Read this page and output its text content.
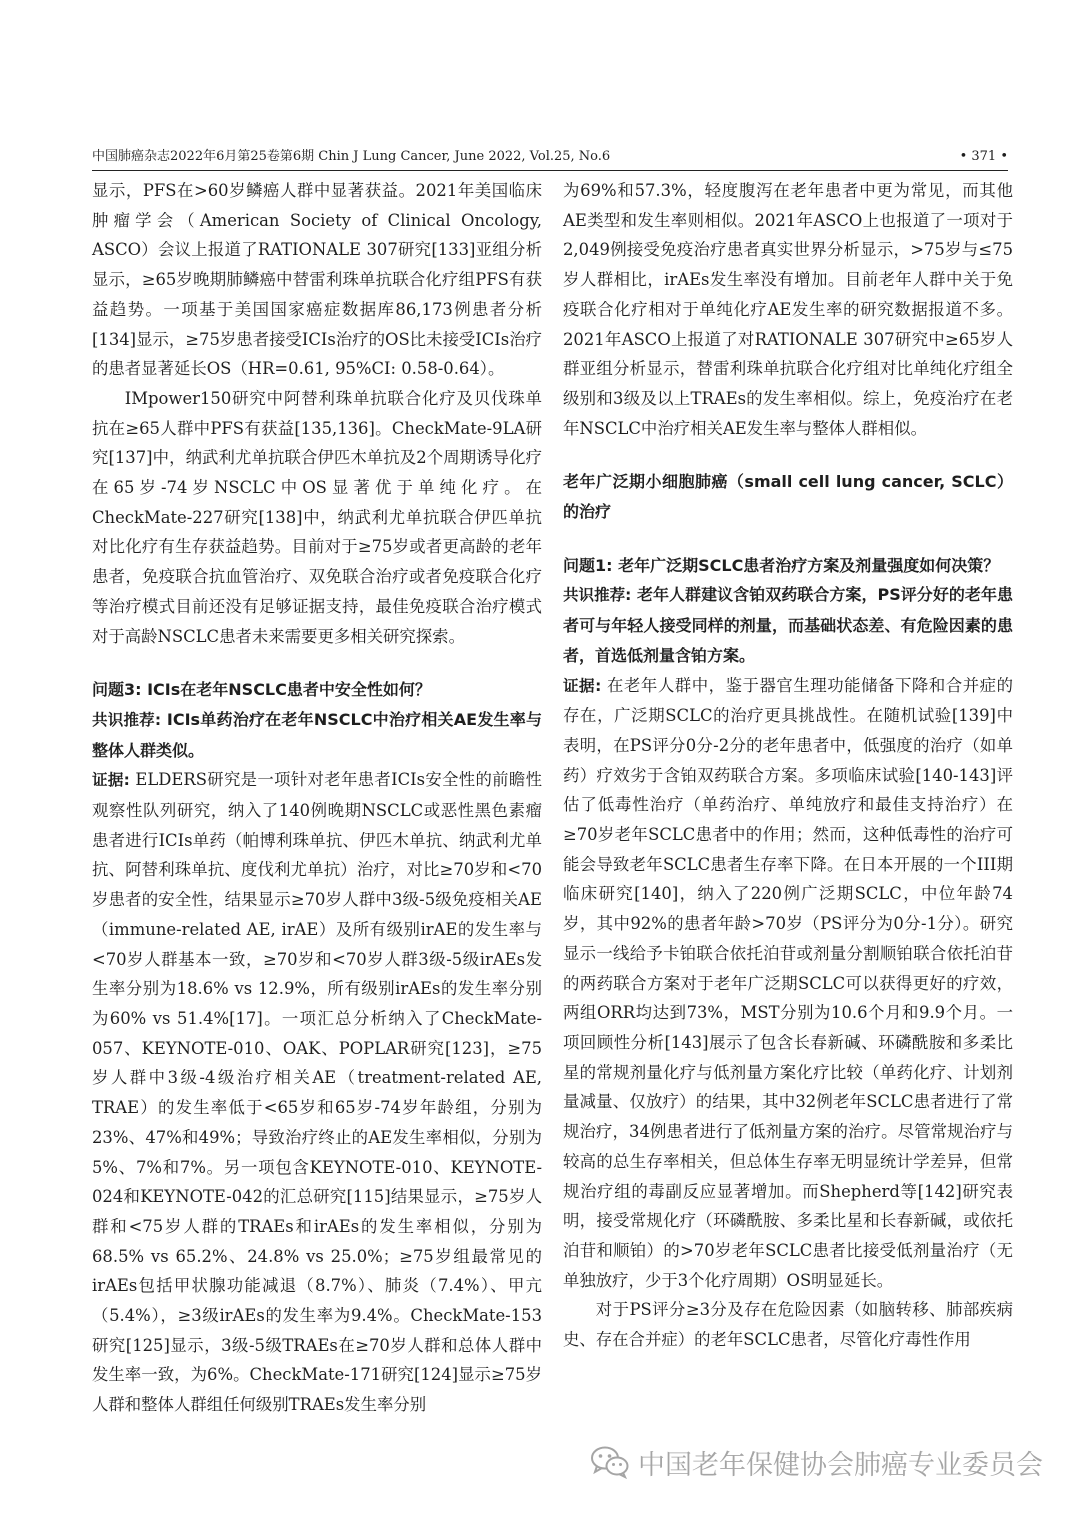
中国肺癌杂志2022年6月第25卷第6期 Chin J Lung Cancer, June 2022, Vol.25, No.6	• 371 •

显示，PFS在>60岁鳞癌人群中显著获益。2021年美国临床肿瘤学会（American Society of Clinical Oncology, ASCO）会议上报道了RATIONALE 307研究[133]亚组分析显示，≥65岁晚期肺鳞癌中替雷利珠单抗联合化疗组PFS有获益趋势。一项基于美国国家癌症数据库86,173例患者分析[134]显示，≥75岁患者接受ICIs治疗的OS比未接受ICIs治疗的患者显著延长OS（HR=0.61, 95%CI: 0.58-0.64）。

IMpower150研究中阿替利珠单抗联合化疗及贝伐珠单抗在≥65人群中PFS有获益[135,136]。CheckMate-9LA研究[137]中，纳武利尤单抗联合伊匹木单抗及2个周期诱导化疗在65岁-74岁NSCLC中OS显著优于单纯化疗。在CheckMate-227研究[138]中，纳武利尤单抗联合伊匹单抗对比化疗有生存获益趋势。目前对于≥75岁或者更高龄的老年患者，免疫联合抗血管治疗、双免联合治疗或者免疫联合化疗等治疗模式目前还没有足够证据支持，最佳免疫联合治疗模式对于高龄NSCLC患者未来需要更多相关研究探索。

问题3: ICIs在老年NSCLC患者中安全性如何？

共识推荐: ICIs单药治疗在老年NSCLC中治疗相关AE发生率与整体人群类似。

证据: ELDERS研究是一项针对老年患者ICIs安全性的前瞻性观察性队列研究，纳入了140例晚期NSCLC或恶性黑色素瘤患者进行ICIs单药（帕博利珠单抗、伊匹木单抗、纳武利尤单抗、阿替利珠单抗、度伐利尤单抗）治疗，对比≥70岁和<70岁患者的安全性，结果显示≥70岁人群中3级-5级免疫相关AE（immune-related AE, irAE）及所有级别irAE的发生率与<70岁人群基本一致，≥70岁和<70岁人群3级-5级irAEs发生率分别为18.6% vs 12.9%，所有级别irAEs的发生率分别为60% vs 51.4%[17]。一项汇总分析纳入了CheckMate-057、KEYNOTE-010、OAK、POPLAR研究[123]，≥75岁人群中3级-4级治疗相关AE（treatment-related AE, TRAE）的发生率低于<65岁和65岁-74岁年龄组，分别为23%、47%和49%；导致治疗终止的AE发生率相似，分别为5%、7%和7%。另一项包含KEYNOTE-010、KEYNOTE-024和KEYNOTE-042的汇总研究[115]结果显示，≥75岁人群和<75岁人群的TRAEs和irAEs的发生率相似，分别为68.5% vs 65.2%、24.8% vs 25.0%；≥75岁组最常见的irAEs包括甲状腺功能减退（8.7%）、肺炎（7.4%）、甲亢（5.4%），≥3级irAEs的发生率为9.4%。CheckMate-153研究[125]显示，3级-5级TRAEs在≥70岁人群和总体人群中发生率一致，为6%。CheckMate-171研究[124]显示≥75岁人群和整体人群组任何级别TRAEs发生率分别

为69%和57.3%，轻度腹泻在老年患者中更为常见，而其他AE类型和发生率则相似。2021年ASCO上也报道了一项对于2,049例接受免疫治疗患者真实世界分析显示，>75岁与≤75岁人群相比，irAEs发生率没有增加。目前老年人群中关于免疫联合化疗相对于单纯化疗AE发生率的研究数据报道不多。2021年ASCO上报道了对RATIONALE 307研究中≥65岁人群亚组分析显示，替雷利珠单抗联合化疗组对比单纯化疗组全级别和3级及以上TRAEs的发生率相似。综上，免疫治疗在老年NSCLC中治疗相关AE发生率与整体人群相似。

老年广泛期小细胞肺癌（small cell lung cancer, SCLC）的治疗

问题1: 老年广泛期SCLC患者治疗方案及剂量强度如何决策？

共识推荐: 老年人群建议含铂双药联合方案，PS评分好的老年患者可与年轻人接受同样的剂量，而基础状态差、有危险因素的患者，首选低剂量含铂方案。

证据: 在老年人群中，鉴于器官生理功能储备下降和合并症的存在，广泛期SCLC的治疗更具挑战性。在随机试验[139]中表明，在PS评分0分-2分的老年患者中，低强度的治疗（如单药）疗效劣于含铂双药联合方案。多项临床试验[140-143]评估了低毒性治疗（单药治疗、单纯放疗和最佳支持治疗）在≥70岁老年SCLC患者中的作用；然而，这种低毒性的治疗可能会导致老年SCLC患者生存率下降。在日本开展的一个III期临床研究[140]，纳入了220例广泛期SCLC，中位年龄74岁，其中92%的患者年龄>70岁（PS评分为0分-1分）。研究显示一线给予卡铂联合依托泊苷或剂量分割顺铂联合依托泊苷的两药联合方案对于老年广泛期SCLC可以获得更好的疗效，两组ORR均达到73%，MST分别为10.6个月和9.9个月。一项回顾性分析[143]展示了包含长春新碱、环磷酰胺和多柔比星的常规剂量化疗与低剂量方案化疗比较（单药化疗、计划剂量减量、仅放疗）的结果，其中32例老年SCLC患者进行了常规治疗，34例患者进行了低剂量方案的治疗。尽管常规治疗与较高的总生存率相关，但总体生存率无明显统计学差异，但常规治疗组的毒副反应显著增加。而Shepherd等[142]研究表明，接受常规化疗（环磷酰胺、多柔比星和长春新碱，或依托泊苷和顺铂）的>70岁老年SCLC患者比接受低剂量治疗（无单独放疗，少于3个化疗周期）OS明显延长。

对于PS评分≥3分及存在危险因素（如脑转移、肺部疾病史、存在合并症）的老年SCLC患者，尽管化疗毒性作用

中国老年保健协会肺癌专业委员会
